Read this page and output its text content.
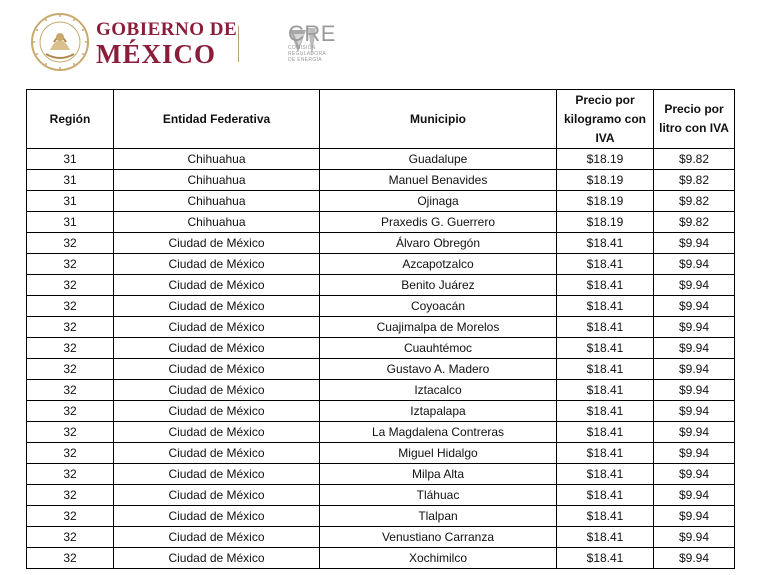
GOBIERNO DE
MÉXICO
CRE
COMISIÓN
REGULADORA
DE ENERGÍA
Región	Entidad Federativa	Municipio	Precio por kilogramo con IVA	Precio por litro con IVA
31	Chihuahua	Guadalupe	$18.19	$9.82
31	Chihuahua	Manuel Benavides	$18.19	$9.82
31	Chihuahua	Ojinaga	$18.19	$9.82
31	Chihuahua	Praxedis G. Guerrero	$18.19	$9.82
32	Ciudad de México	Álvaro Obregón	$18.41	$9.94
32	Ciudad de México	Azcapotzalco	$18.41	$9.94
32	Ciudad de México	Benito Juárez	$18.41	$9.94
32	Ciudad de México	Coyoacán	$18.41	$9.94
32	Ciudad de México	Cuajimalpa de Morelos	$18.41	$9.94
32	Ciudad de México	Cuauhtémoc	$18.41	$9.94
32	Ciudad de México	Gustavo A. Madero	$18.41	$9.94
32	Ciudad de México	Iztacalco	$18.41	$9.94
32	Ciudad de México	Iztapalapa	$18.41	$9.94
32	Ciudad de México	La Magdalena Contreras	$18.41	$9.94
32	Ciudad de México	Miguel Hidalgo	$18.41	$9.94
32	Ciudad de México	Milpa Alta	$18.41	$9.94
32	Ciudad de México	Tláhuac	$18.41	$9.94
32	Ciudad de México	Tlalpan	$18.41	$9.94
32	Ciudad de México	Venustiano Carranza	$18.41	$9.94
32	Ciudad de México	Xochimilco	$18.41	$9.94
